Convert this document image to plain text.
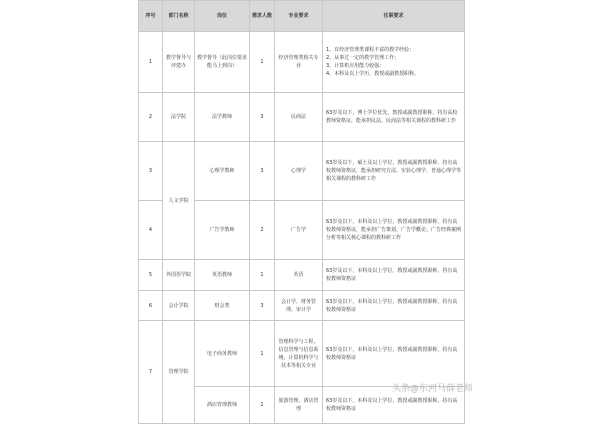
序号	部门名称	岗位	需求人数	专业要求	任职要求
1	教学督导与评建办	教学督导（此岗位要求能马上到岗）	1	经济管理类相关专业	1、有经济管理类课程丰富的教学经验；
2、从事过一定的教学管理工作；
3、计算机应用能力较强；
4、本科及以上学历，教授或副教授职称。

2	法学院	法学教师	3	民商法	63岁及以下，博士学位优先，教授或副教授职称、持有高校教师资格证，能承担民法、民商法等相关课程的教科研工作
3	人文学院	心理学教师	3	心理学	63岁及以下，硕士及以上学位，教授或副教授职称、持有高校教师资格证，能承担研究方法、实验心理学、普通心理学等相关课程的教科研工作
4		广告学教师	2	广告学	63岁及以下，本科及以上学位，教授或副教授职称、持有高校教师资格证，能承担广告策划、广告学概论、广告经典案例分析等相关核心课程的教科研工作
5	外国语学院	英语教师	1	英语	63岁及以下，本科及以上学位，教授或副教授职称、持有高校教师资格证
6	会计学院	财会类	3	会计学、财务管理、审计学	63岁及以下，本科及以上学位，教授或副教授职称、持有高校教师资格证
7	管理学院	电子商务教师	1	管理科学与工程、信息管理与信息系统、计算机科学与技术等相关专业	63岁及以下，本科及以上学位，教授或副教授职称、持有高校教师资格证
		酒店管理教师	1	旅游管理、酒店管理	63岁及以下，本科及以上学位，教授或副教授职称、持有高校教师资格证
头条@东河马薛老师
